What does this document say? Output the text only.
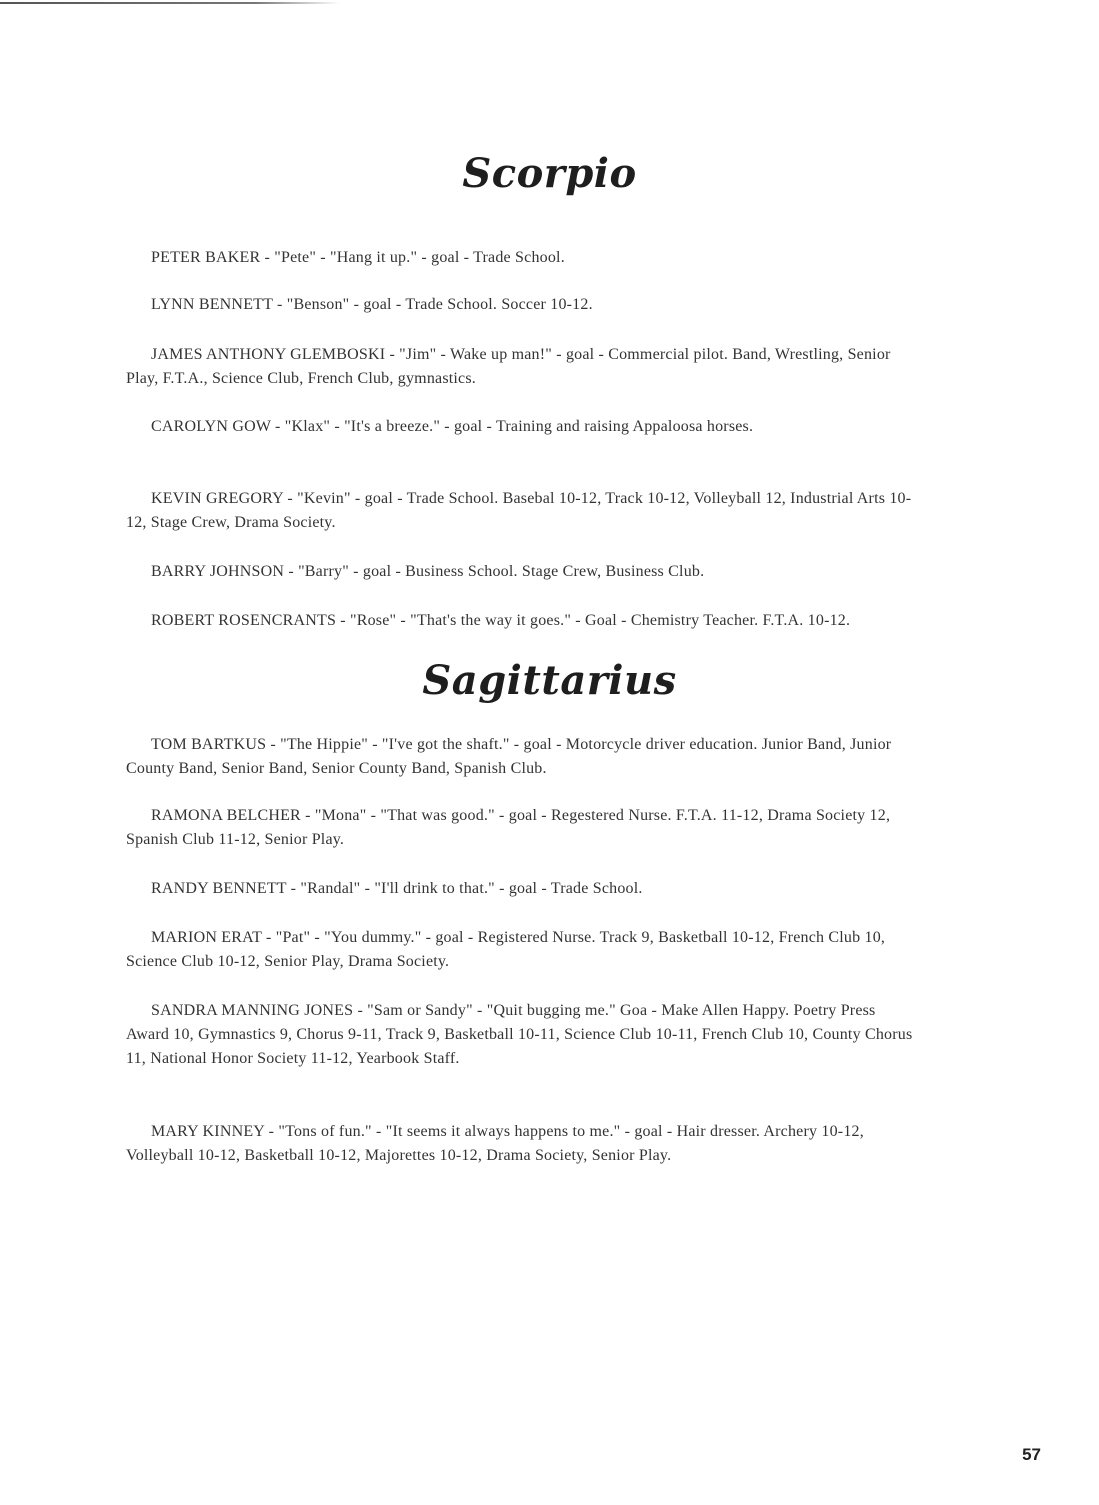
Scorpio

PETER BAKER - "Pete" - "Hang it up." - goal - Trade School.

LYNN BENNETT - "Benson" - goal - Trade School. Soccer 10-12.

JAMES ANTHONY GLEMBOSKI - "Jim" - Wake up man!" - goal - Commercial pilot. Band, Wrestling, Senior Play, F.T.A., Science Club, French Club, gymnastics.

CAROLYN GOW - "Klax" - "It's a breeze." - goal - Training and raising Appaloosa horses.

KEVIN GREGORY - "Kevin" - goal - Trade School. Basebal 10-12, Track 10-12, Volleyball 12, Industrial Arts 10-12, Stage Crew, Drama Society.

BARRY JOHNSON - "Barry" - goal - Business School. Stage Crew, Business Club.

ROBERT ROSENCRANTS - "Rose" - "That's the way it goes." - Goal - Chemistry Teacher. F.T.A. 10-12.

Sagittarius

TOM BARTKUS - "The Hippie" - "I've got the shaft." - goal - Motorcycle driver education. Junior Band, Junior County Band, Senior Band, Senior County Band, Spanish Club.

RAMONA BELCHER - "Mona" - "That was good." - goal - Regestered Nurse. F.T.A. 11-12, Drama Society 12, Spanish Club 11-12, Senior Play.

RANDY BENNETT - "Randal" - "I'll drink to that." - goal - Trade School.

MARION ERAT - "Pat" - "You dummy." - goal - Registered Nurse. Track 9, Basketball 10-12, French Club 10, Science Club 10-12, Senior Play, Drama Society.

SANDRA MANNING JONES - "Sam or Sandy" - "Quit bugging me." Goa - Make Allen Happy. Poetry Press Award 10, Gymnastics 9, Chorus 9-11, Track 9, Basketball 10-11, Science Club 10-11, French Club 10, County Chorus 11, National Honor Society 11-12, Yearbook Staff.

MARY KINNEY - "Tons of fun." - "It seems it always happens to me." - goal - Hair dresser. Archery 10-12, Volleyball 10-12, Basketball 10-12, Majorettes 10-12, Drama Society, Senior Play.

57
